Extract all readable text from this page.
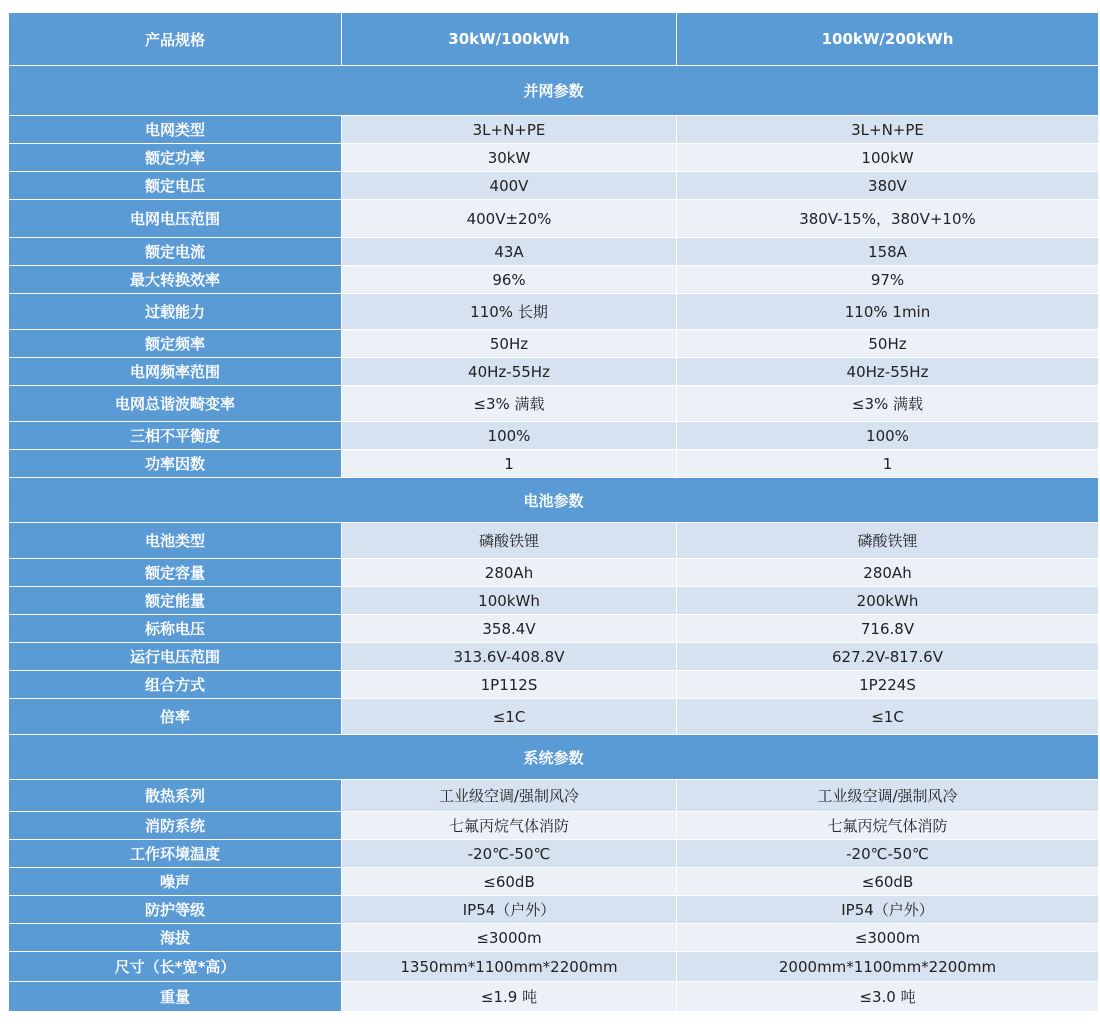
产品规格	30kW/100kWh	100kW/200kWh
并网参数		
电网类型	3L+N+PE	3L+N+PE
额定功率	30kW	100kW
额定电压	400V	380V
电网电压范围	400V±20%	380V-15%，380V+10%
额定电流	43A	158A
最大转换效率	96%	97%
过载能力	110% 长期	110% 1min
额定频率	50Hz	50Hz
电网频率范围	40Hz-55Hz	40Hz-55Hz
电网总谐波畸变率	≤3% 满载	≤3% 满载
三相不平衡度	100%	100%
功率因数	1	1
电池参数		
电池类型	磷酸铁锂	磷酸铁锂
额定容量	280Ah	280Ah
额定能量	100kWh	200kWh
标称电压	358.4V	716.8V
运行电压范围	313.6V-408.8V	627.2V-817.6V
组合方式	1P112S	1P224S
倍率	≤1C	≤1C
系统参数		
散热系列	工业级空调/强制风冷	工业级空调/强制风冷
消防系统	七氟丙烷气体消防	七氟丙烷气体消防
工作环境温度	-20℃-50℃	-20℃-50℃
噪声	≤60dB	≤60dB
防护等级	IP54（户外）	IP54（户外）
海拔	≤3000m	≤3000m
尺寸（长*宽*高）	1350mm*1100mm*2200mm	2000mm*1100mm*2200mm
重量	≤1.9 吨	≤3.0 吨
